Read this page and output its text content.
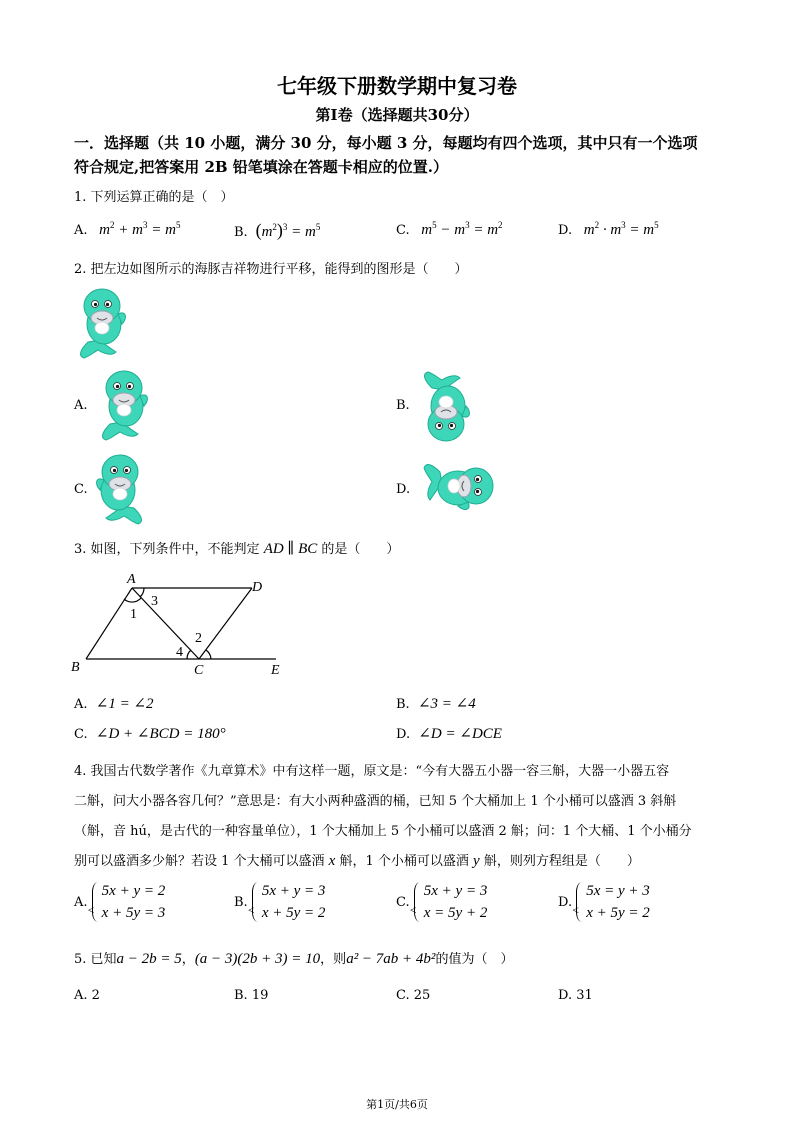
七年级下册数学期中复习卷
第Ⅰ卷（选择题共30分）
一．选择题（共 10 小题，满分 30 分，每小题 3 分，每题均有四个选项，其中只有一个选项
符合规定,把答案用 2B 铅笔填涂在答题卡相应的位置.）
1. 下列运算正确的是（　）
A.   $m^2 + m^3 = m^5$	B. $(m^2)^3 = m^5$	C.   $m^5 - m^3 = m^2$	D.   $m^2 \cdot m^3 = m^5$
2. 把左边如图所示的海豚吉祥物进行平移，能得到的图形是（　　）
A.	B.
C.	D.
3. 如图，下列条件中，不能判定 AD ∥ BC 的是（　　）
A
D
B	C	E
1
2
3
4
A. ∠1 = ∠2	B. ∠3 = ∠4
C. ∠D + ∠BCD = 180°	D. ∠D = ∠DCE
4. 我国古代数学著作《九章算术》中有这样一题，原文是：“今有大器五小器一容三斛，大器一小器五容
二斛，问大小器各容几何？”意思是：有大小两种盛酒的桶，已知 5 个大桶加上 1 个小桶可以盛酒 3 斜斛
（斛，音 hú，是古代的一种容量单位），1 个大桶加上 5 个小桶可以盛酒 2 斛；问：1 个大桶、1 个小桶分
别可以盛酒多少斛？若设 1 个大桶可以盛酒 x 斛，1 个小桶可以盛酒 y 斛，则列方程组是（　　）
A.
<
5x + y = 2
x + 5y = 3
B.
<
5x + y = 3
x + 5y = 2
C.
<
5x + y = 3
x = 5y + 2
D.
<
5x = y + 3
x + 5y = 2
5. 已知a − 2b = 5，(a − 3)(2b + 3) = 10，则a² − 7ab + 4b²的值为（　）
A. 2	B. 19	C. 25	D. 31
第1页/共6页
